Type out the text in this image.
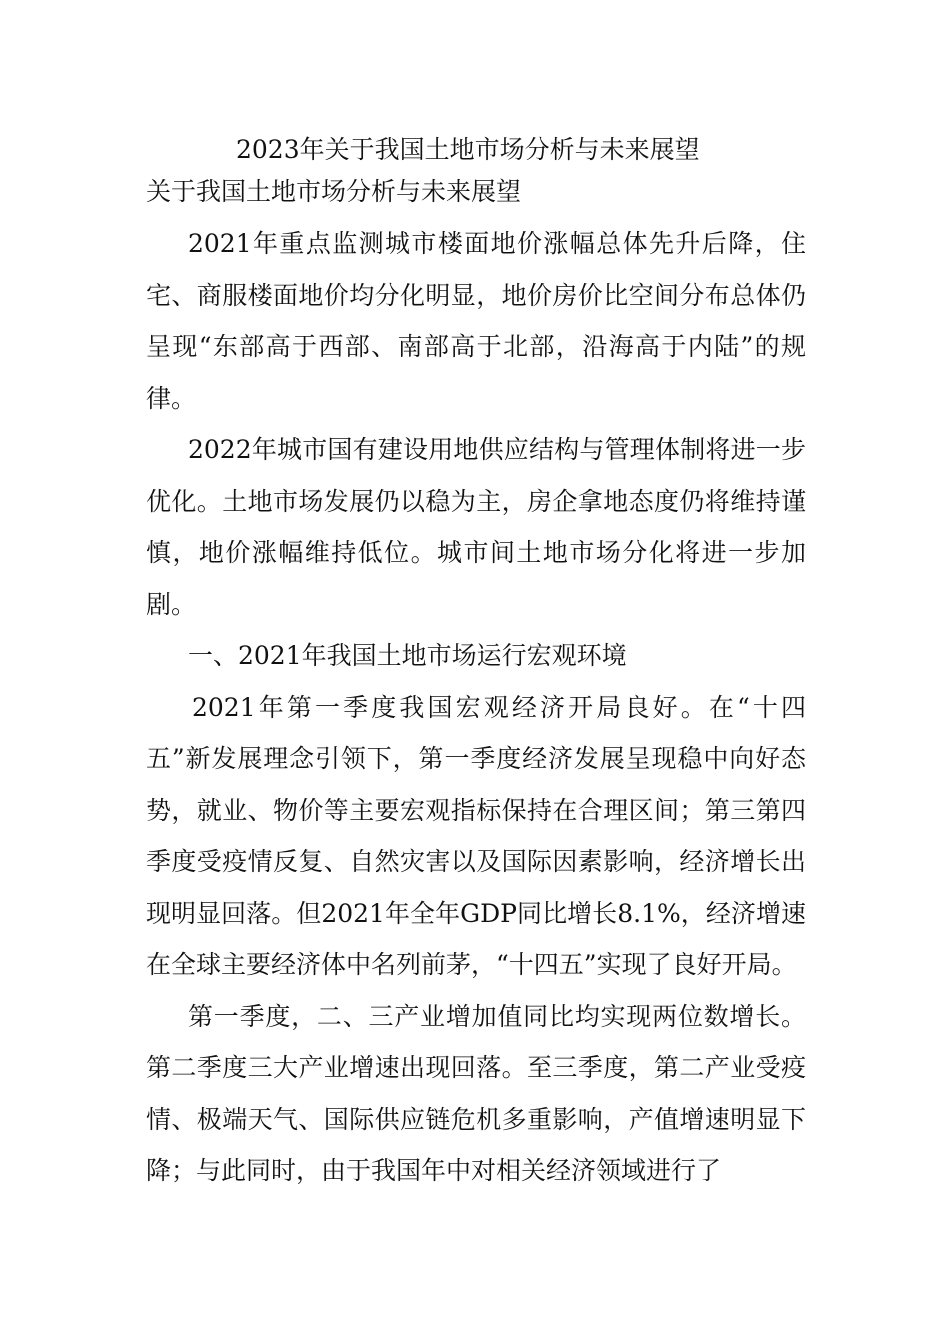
2023年关于我国土地市场分析与未来展望
关于我国土地市场分析与未来展望

2021年重点监测城市楼面地价涨幅总体先升后降，住宅、商服楼面地价均分化明显，地价房价比空间分布总体仍呈现“东部高于西部、南部高于北部，沿海高于内陆”的规律。

2022年城市国有建设用地供应结构与管理体制将进一步优化。土地市场发展仍以稳为主，房企拿地态度仍将维持谨慎，地价涨幅维持低位。城市间土地市场分化将进一步加剧。

一、2021年我国土地市场运行宏观环境

2021年第一季度我国宏观经济开局良好。在“十四五”新发展理念引领下，第一季度经济发展呈现稳中向好态势，就业、物价等主要宏观指标保持在合理区间；第三第四季度受疫情反复、自然灾害以及国际因素影响，经济增长出现明显回落。但2021年全年GDP同比增长8.1%，经济增速在全球主要经济体中名列前茅，“十四五”实现了良好开局。

第一季度，二、三产业增加值同比均实现两位数增长。第二季度三大产业增速出现回落。至三季度，第二产业受疫情、极端天气、国际供应链危机多重影响，产值增速明显下降；与此同时，由于我国年中对相关经济领域进行了
